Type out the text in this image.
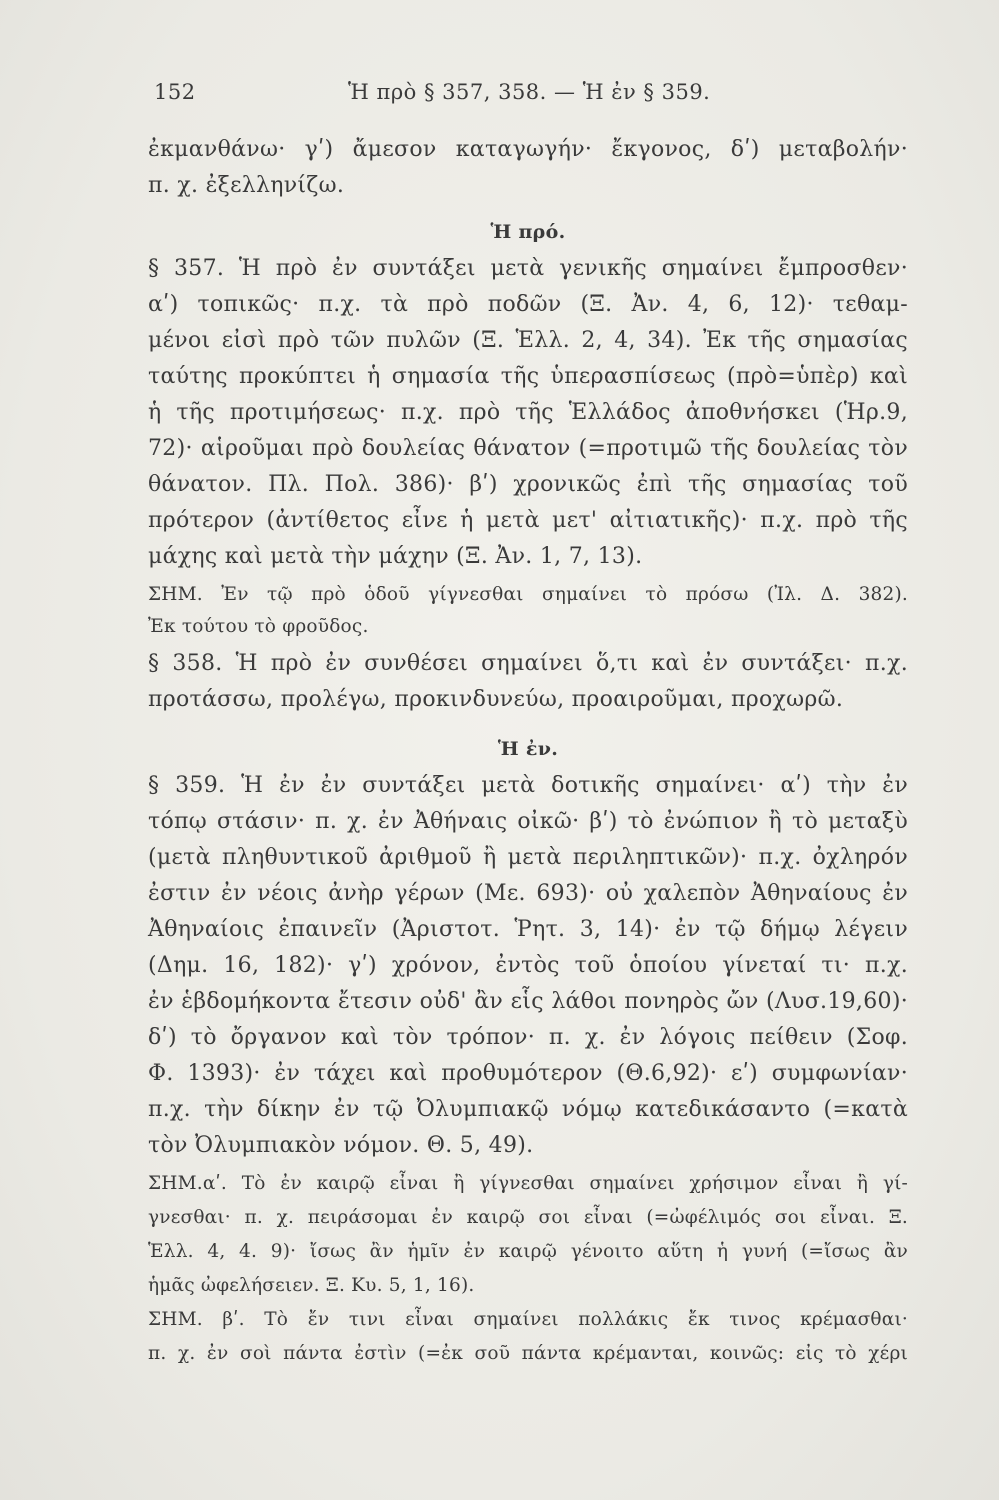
152	Ἡ πρὸ § 357, 358. — Ἡ ἐν § 359.
ἐκμανθάνω· γʹ) ἄμεσον καταγωγήν· ἔκγονος, δʹ) μεταβολήν·
π. χ. ἐξελληνίζω.
Ἡ πρό.
§ 357. Ἡ πρὸ ἐν συντάξει μετὰ γενικῆς σημαίνει ἔμπροσθεν·
αʹ) τοπικῶς· π.χ. τὰ πρὸ ποδῶν (Ξ. Ἀν. 4, 6, 12)· τεθαμ-
μένοι εἰσὶ πρὸ τῶν πυλῶν (Ξ. Ἑλλ. 2, 4, 34). Ἐκ τῆς σημασίας
ταύτης προκύπτει ἡ σημασία τῆς ὑπερασπίσεως (πρὸ=ὑπὲρ) καὶ
ἡ τῆς προτιμήσεως· π.χ. πρὸ τῆς Ἑλλάδος ἀποθνήσκει (Ἡρ.9,
72)· αἱροῦμαι πρὸ δουλείας θάνατον (=προτιμῶ τῆς δουλείας τὸν
θάνατον. Πλ. Πολ. 386)· βʹ) χρονικῶς ἐπὶ τῆς σημασίας τοῦ
πρότερον (ἀντίθετος εἶνε ἡ μετὰ μετ' αἰτιατικῆς)· π.χ. πρὸ τῆς
μάχης καὶ μετὰ τὴν μάχην (Ξ. Ἀν. 1, 7, 13).
ΣΗΜ. Ἐν τῷ πρὸ ὁδοῦ γίγνεσθαι σημαίνει τὸ πρόσω (Ἰλ. Δ. 382).
Ἐκ τούτου τὸ φροῦδος.
§ 358. Ἡ πρὸ ἐν συνθέσει σημαίνει ὅ,τι καὶ ἐν συντάξει· π.χ.
προτάσσω, προλέγω, προκινδυνεύω, προαιροῦμαι, προχωρῶ.
Ἡ ἐν.
§ 359. Ἡ ἐν ἐν συντάξει μετὰ δοτικῆς σημαίνει· αʹ) τὴν ἐν
τόπῳ στάσιν· π. χ. ἐν Ἀθήναις οἰκῶ· βʹ) τὸ ἐνώπιον ἢ τὸ μεταξὺ
(μετὰ πληθυντικοῦ ἀριθμοῦ ἢ μετὰ περιληπτικῶν)· π.χ. ὀχληρόν
ἐστιν ἐν νέοις ἀνὴρ γέρων (Με. 693)· οὐ χαλεπὸν Ἀθηναίους ἐν
Ἀθηναίοις ἐπαινεῖν (Ἀριστοτ. Ῥητ. 3, 14)· ἐν τῷ δήμῳ λέγειν
(Δημ. 16, 182)· γʹ) χρόνον, ἐντὸς τοῦ ὁποίου γίνεταί τι· π.χ.
ἐν ἑβδομήκοντα ἔτεσιν οὐδ' ἂν εἷς λάθοι πονηρὸς ὤν (Λυσ.19,60)·
δʹ) τὸ ὄργανον καὶ τὸν τρόπον· π. χ. ἐν λόγοις πείθειν (Σοφ.
Φ. 1393)· ἐν τάχει καὶ προθυμότερον (Θ.6,92)· εʹ) συμφωνίαν·
π.χ. τὴν δίκην ἐν τῷ Ὀλυμπιακῷ νόμῳ κατεδικάσαντο (=κατὰ
τὸν Ὀλυμπιακὸν νόμον. Θ. 5, 49).
ΣΗΜ.αʹ. Τὸ ἐν καιρῷ εἶναι ἢ γίγνεσθαι σημαίνει χρήσιμον εἶναι ἢ γί-
γνεσθαι· π. χ. πειράσομαι ἐν καιρῷ σοι εἶναι (=ὠφέλιμός σοι εἶναι. Ξ.
Ἑλλ. 4, 4. 9)· ἴσως ἂν ἡμῖν ἐν καιρῷ γένοιτο αὕτη ἡ γυνή (=ἴσως ἂν
ἡμᾶς ὠφελήσειεν. Ξ. Κυ. 5, 1, 16).
ΣΗΜ. βʹ. Τὸ ἔν τινι εἶναι σημαίνει πολλάκις ἔκ τινος κρέμασθαι·
π. χ. ἐν σοὶ πάντα ἐστὶν (=ἐκ σοῦ πάντα κρέμανται, κοινῶς: εἰς τὸ χέρι
